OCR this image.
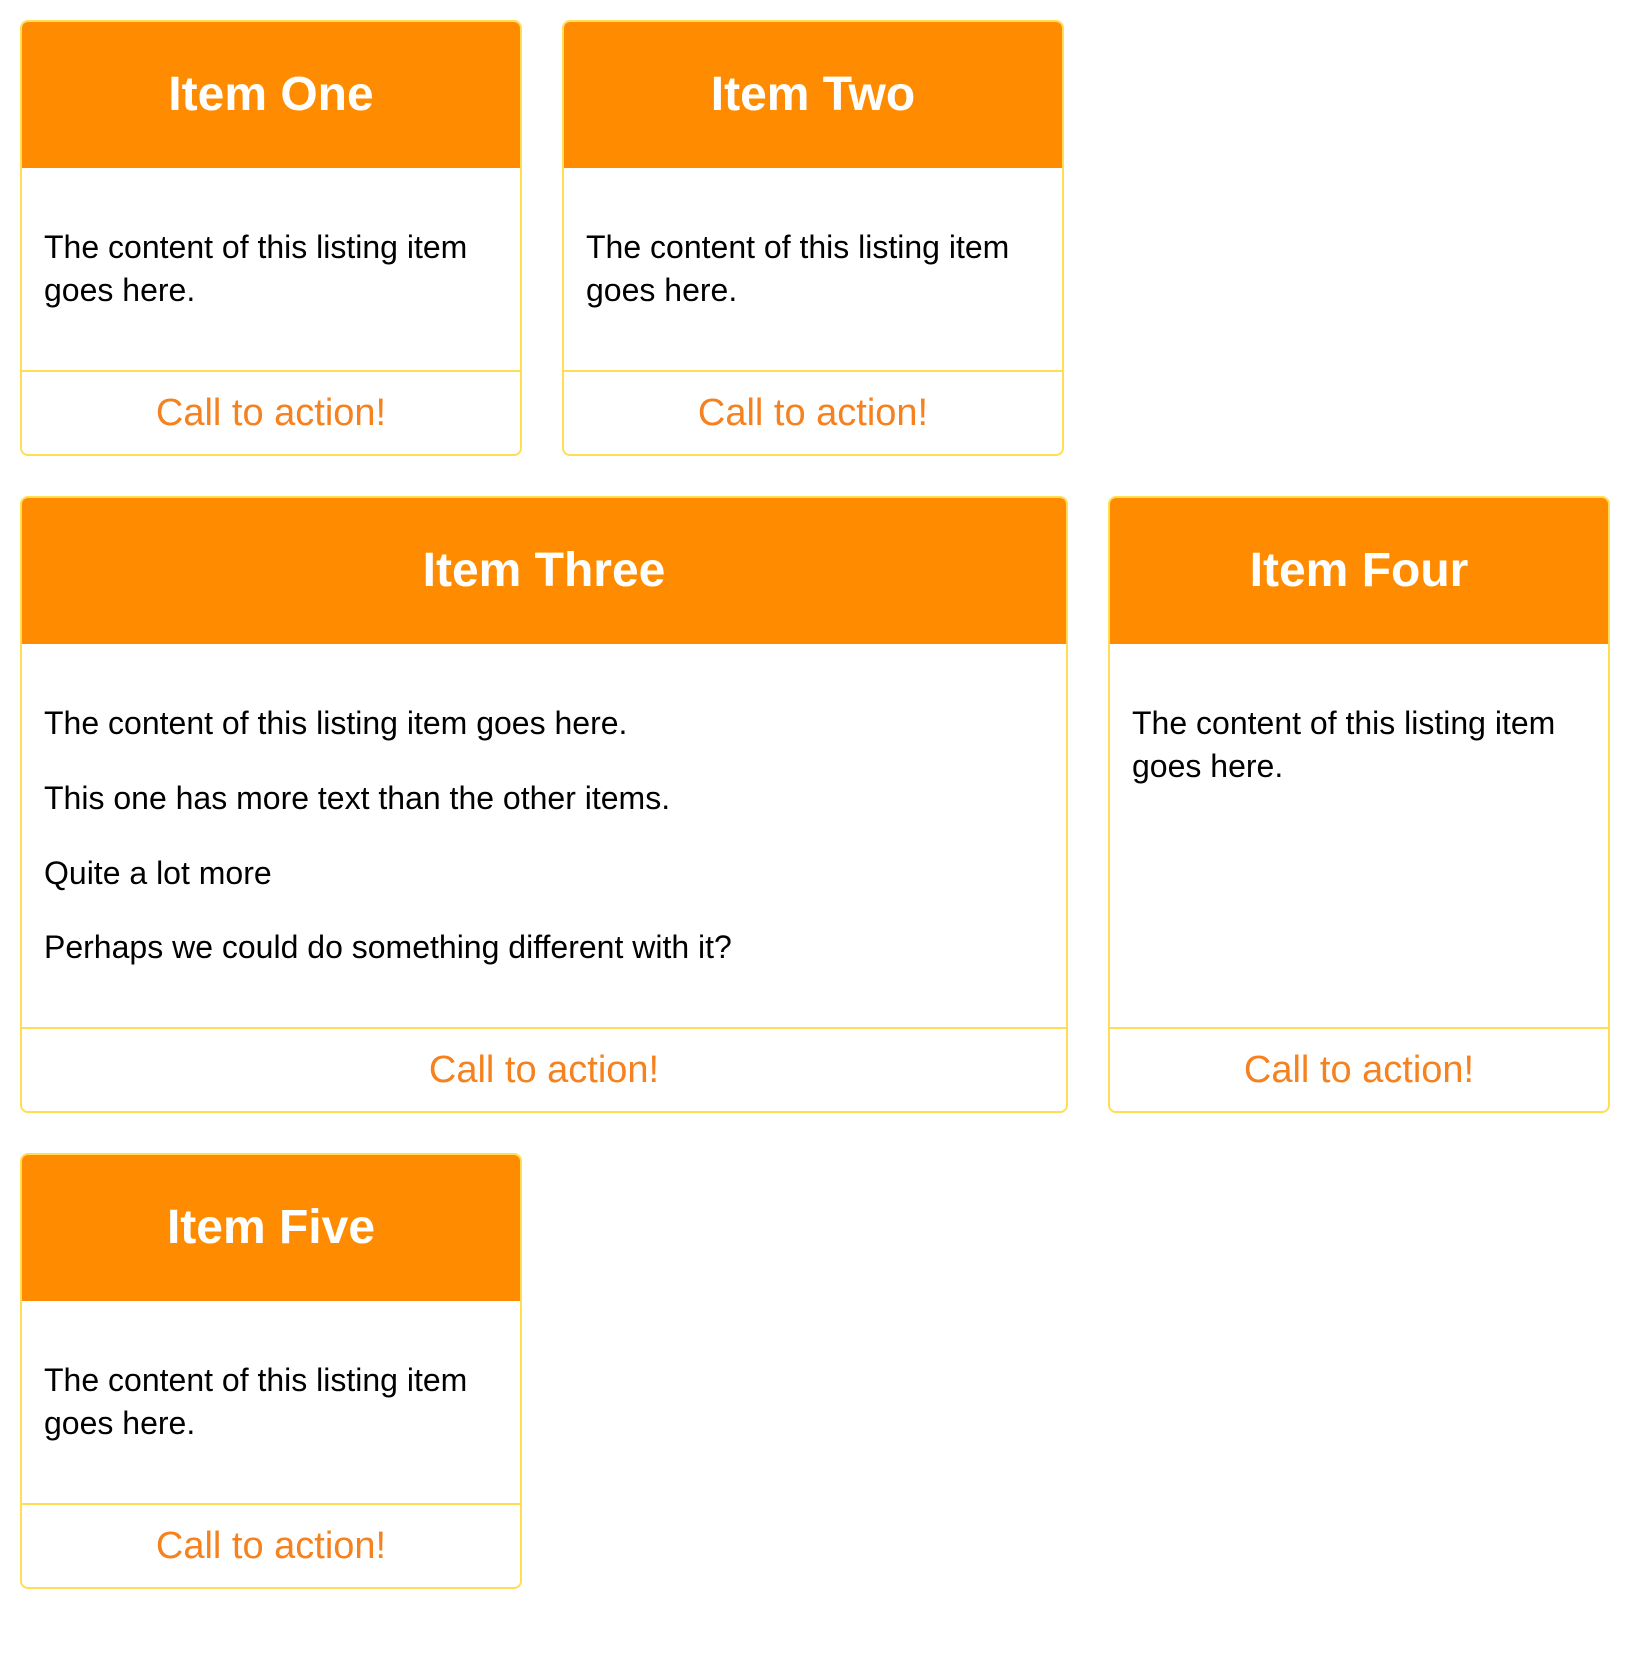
Item One

The content of this listing item goes here.

Call to action!
Item Two

The content of this listing item goes here.

Call to action!
Item Three

The content of this listing item goes here.

This one has more text than the other items.

Quite a lot more

Perhaps we could do something different with it?

Call to action!
Item Four

The content of this listing item goes here.

Call to action!
Item Five

The content of this listing item goes here.

Call to action!
